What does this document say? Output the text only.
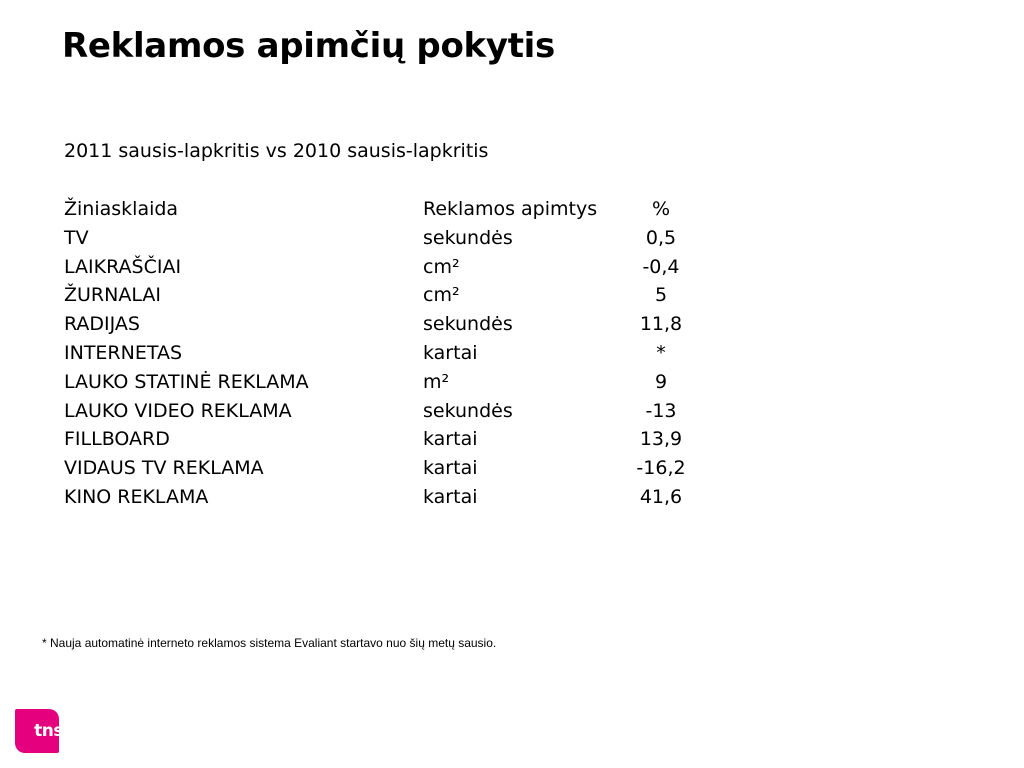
Reklamos apimčių pokytis
2011 sausis-lapkritis vs 2010 sausis-lapkritis
Žiniasklaida	Reklamos apimtys	%
TV	sekundės	0,5
LAIKRAŠČIAI	cm²	-0,4
ŽURNALAI	cm²	5
RADIJAS	sekundės	11,8
INTERNETAS	kartai	*
LAUKO STATINĖ REKLAMA	m²	9
LAUKO VIDEO REKLAMA	sekundės	-13
FILLBOARD	kartai	13,9
VIDAUS TV REKLAMA	kartai	-16,2
KINO REKLAMA	kartai	41,6
* Nauja automatinė interneto reklamos sistema Evaliant startavo nuo šių metų sausio.
tns
